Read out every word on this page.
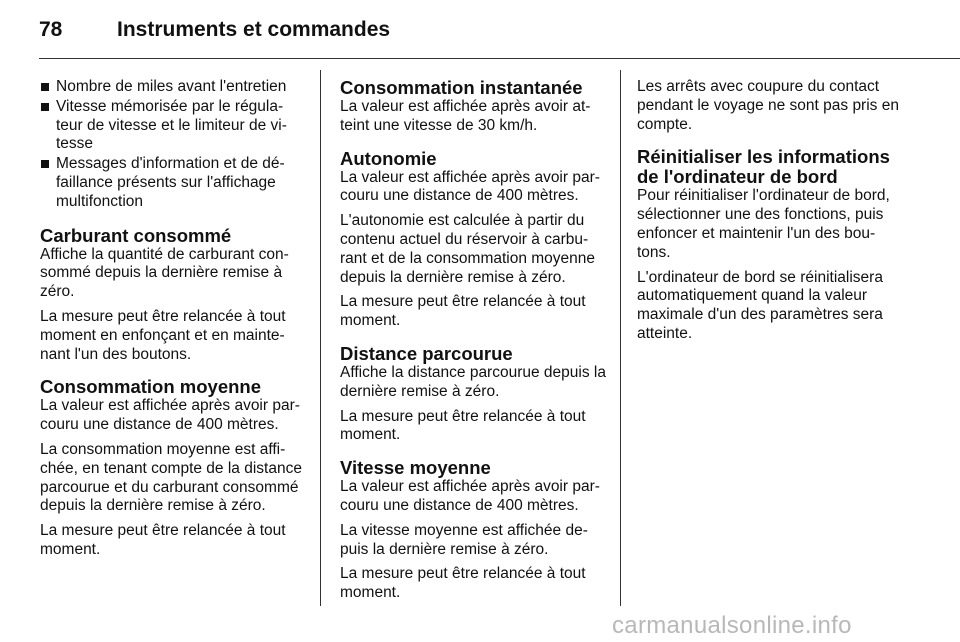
78	Instruments et commandes
Nombre de miles avant l'entretien
Vitesse mémorisée par le régula-teur de vitesse et le limiteur de vi-tesse
Messages d'information et de dé-faillance présents sur l'affichage multifonction
Carburant consommé

Affiche la quantité de carburant con-sommé depuis la dernière remise à zéro.

La mesure peut être relancée à tout moment en enfonçant et en mainte-nant l'un des boutons.

Consommation moyenne

La valeur est affichée après avoir par-couru une distance de 400 mètres.

La consommation moyenne est affi-chée, en tenant compte de la distance parcourue et du carburant consommé depuis la dernière remise à zéro.

La mesure peut être relancée à tout moment.

Consommation instantanée

La valeur est affichée après avoir at-teint une vitesse de 30 km/h.

Autonomie

La valeur est affichée après avoir par-couru une distance de 400 mètres.

L'autonomie est calculée à partir du contenu actuel du réservoir à carbu-rant et de la consommation moyenne depuis la dernière remise à zéro.

La mesure peut être relancée à tout moment.

Distance parcourue

Affiche la distance parcourue depuis la dernière remise à zéro.

La mesure peut être relancée à tout moment.

Vitesse moyenne

La valeur est affichée après avoir par-couru une distance de 400 mètres.

La vitesse moyenne est affichée de-puis la dernière remise à zéro.

La mesure peut être relancée à tout moment.

Les arrêts avec coupure du contact pendant le voyage ne sont pas pris en compte.

Réinitialiser les informations de l'ordinateur de bord

Pour réinitialiser l'ordinateur de bord, sélectionner une des fonctions, puis enfoncer et maintenir l'un des bou-tons.

L'ordinateur de bord se réinitialisera automatiquement quand la valeur maximale d'un des paramètres sera atteinte.

carmanualsonline.info
